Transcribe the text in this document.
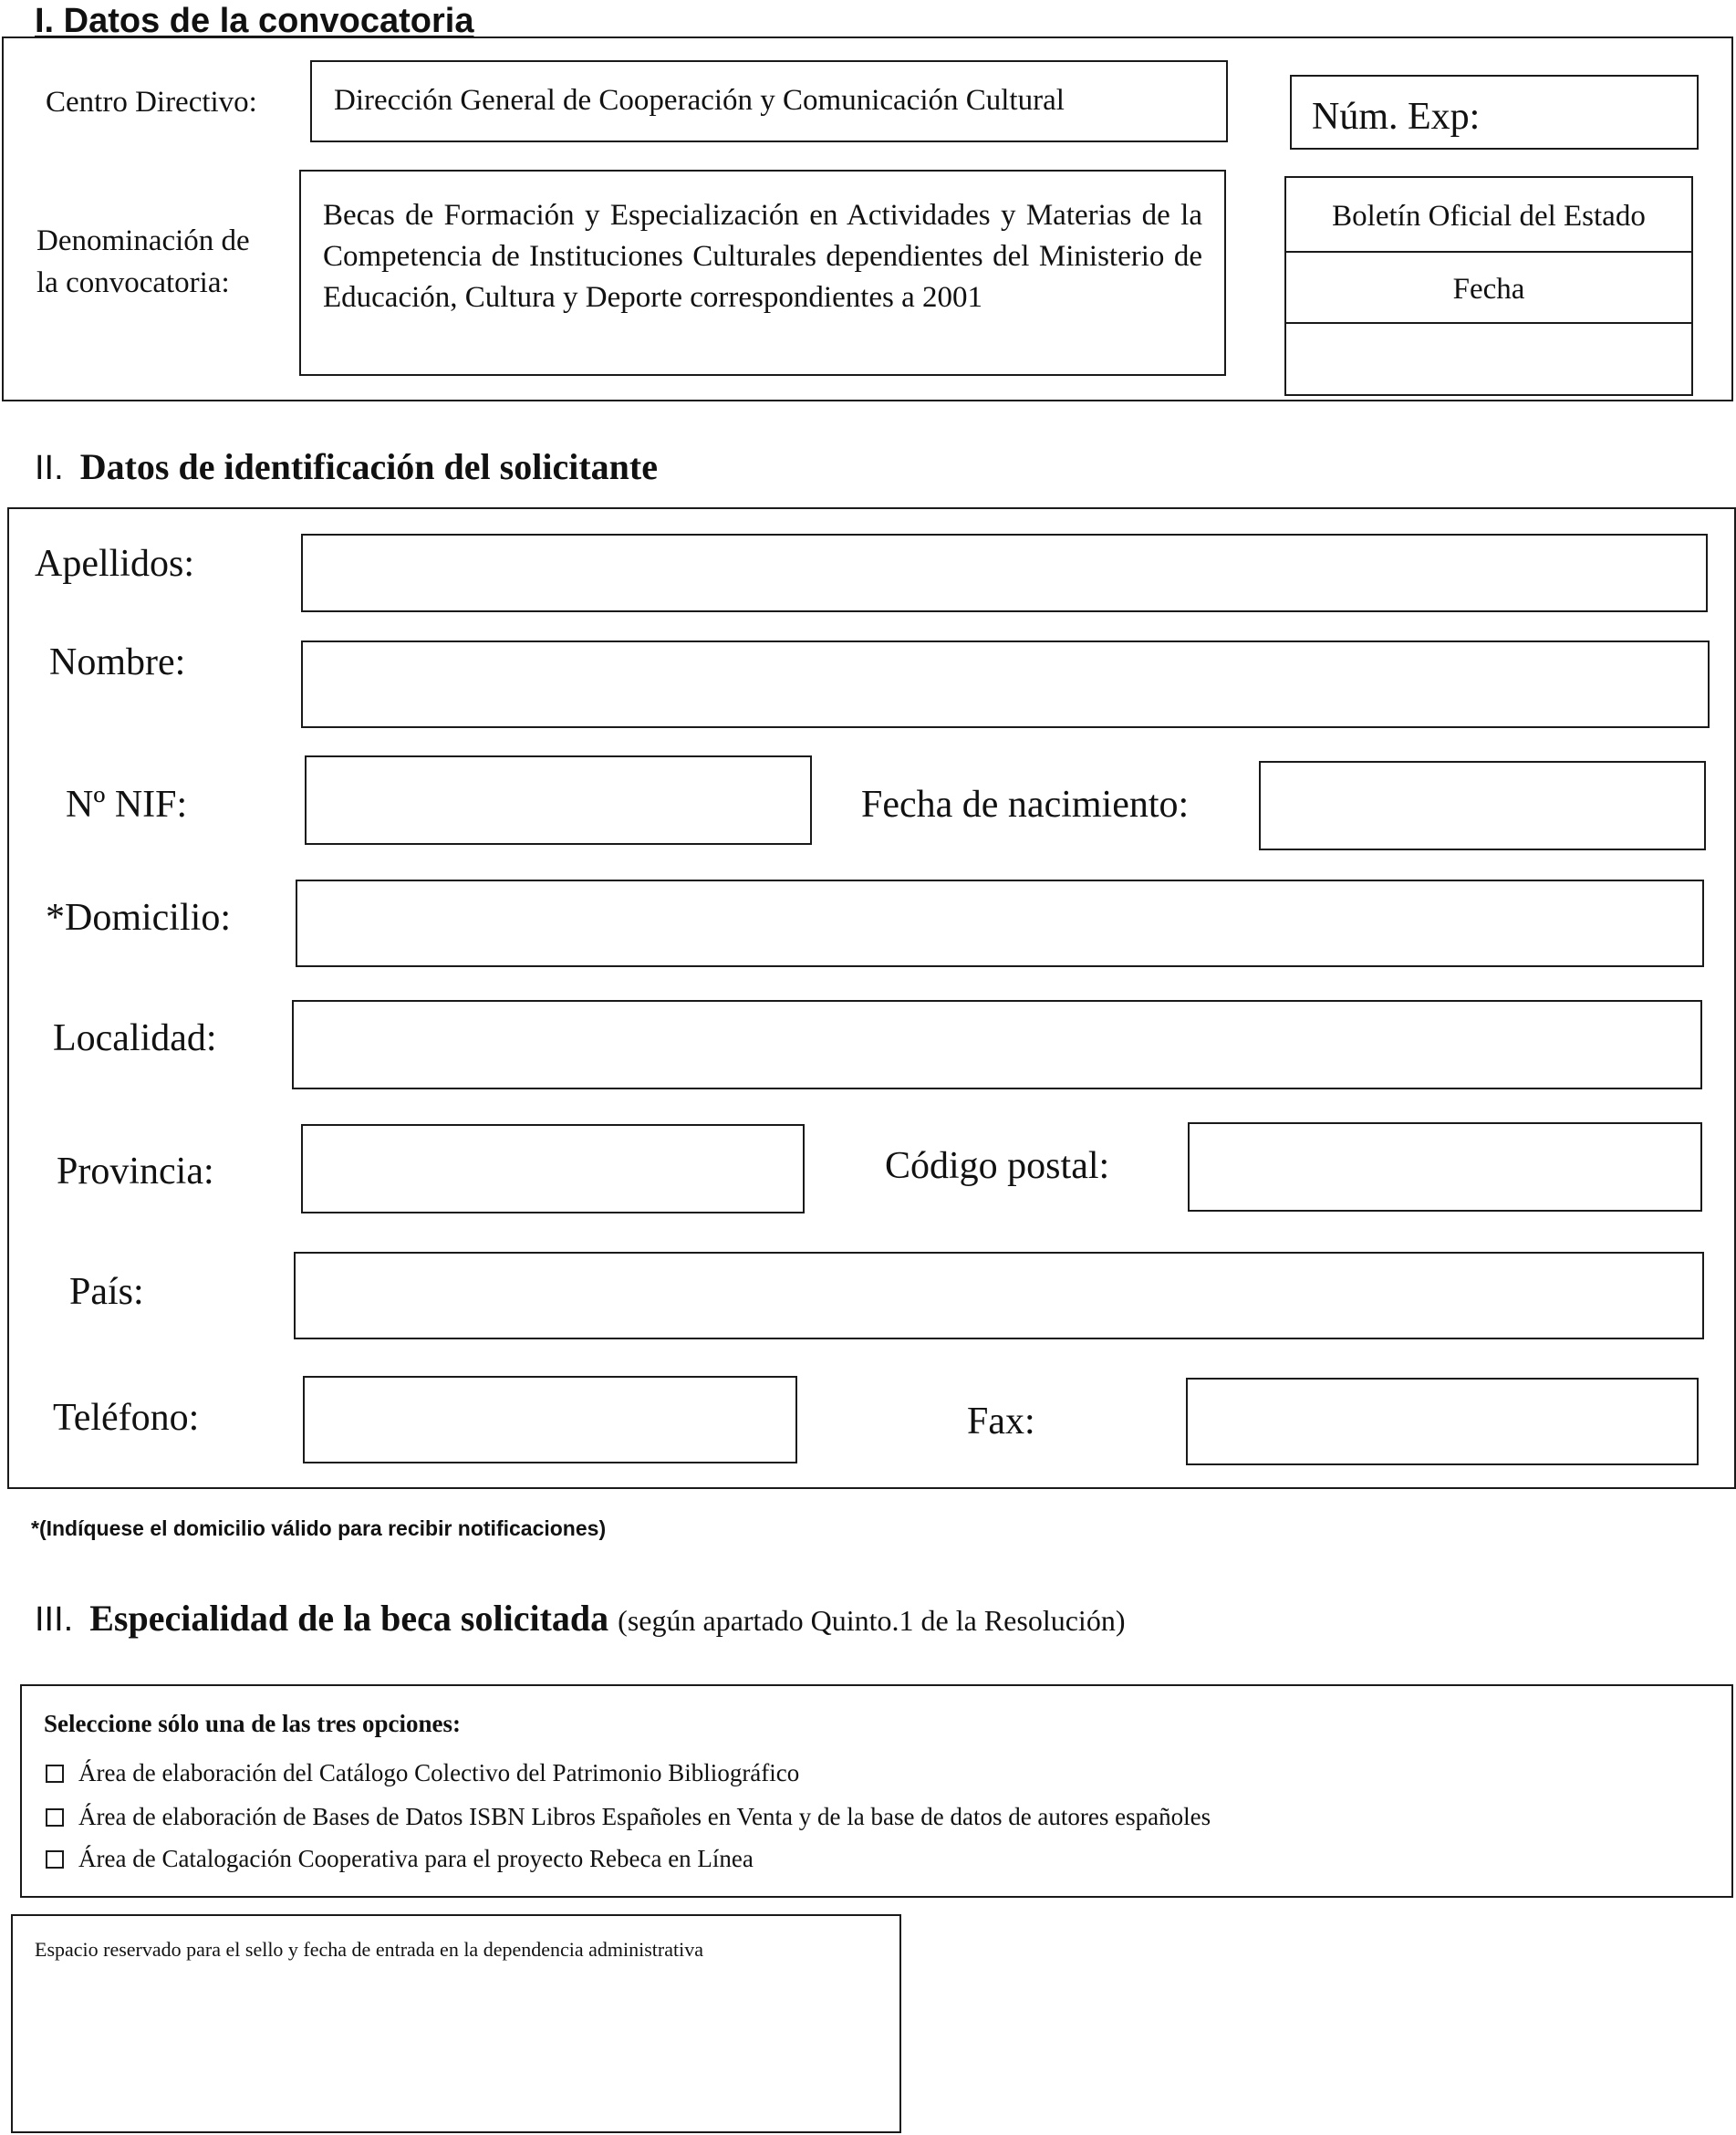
I. Datos de la convocatoria
Centro Directivo:	Dirección General de Cooperación y Comunicación Cultural	Núm. Exp:
Denominación de
la convocatoria:
Becas de Formación y Especialización en Actividades y Materias de la Competencia de Instituciones Culturales dependientes del Ministerio de Educación, Cultura y Deporte correspondientes a 2001
Boletín Oficial del Estado
Fecha
II. Datos de identificación del solicitante
Apellidos:
Nombre:
Nº NIF:	Fecha de nacimiento:
*Domicilio:
Localidad:
Provincia:	Código postal:
País:
Teléfono:	Fax:
*(Indíquese el domicilio válido para recibir notificaciones)
III. Especialidad de la beca solicitada (según apartado Quinto.1 de la Resolución)
Seleccione sólo una de las tres opciones:
Área de elaboración del Catálogo Colectivo del Patrimonio Bibliográfico
Área de elaboración de Bases de Datos ISBN Libros Españoles en Venta y de la base de datos de autores españoles
Área de Catalogación Cooperativa para el proyecto Rebeca en Línea
Espacio reservado para el sello y fecha de entrada en la dependencia administrativa
